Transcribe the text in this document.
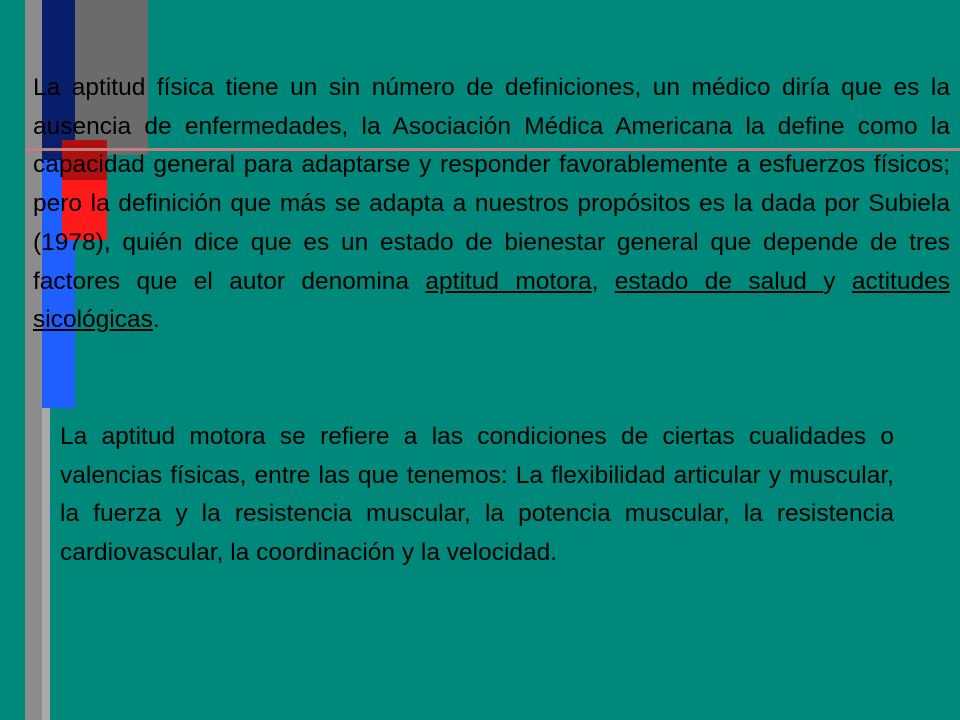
La aptitud física tiene un sin número de definiciones, un médico diría que es la ausencia de enfermedades, la Asociación Médica Americana la define como la capacidad general para adaptarse y responder favorablemente a esfuerzos físicos; pero la definición que más se adapta a nuestros propósitos es la dada por Subiela (1978), quién dice que es un estado de bienestar general que depende de tres factores que el autor denomina aptitud motora, estado de salud y actitudes sicológicas.

La aptitud motora se refiere a las condiciones de ciertas cualidades o valencias físicas, entre las que tenemos: La flexibilidad articular y muscular, la fuerza y la resistencia muscular, la potencia muscular, la resistencia cardiovascular, la coordinación y la velocidad.
